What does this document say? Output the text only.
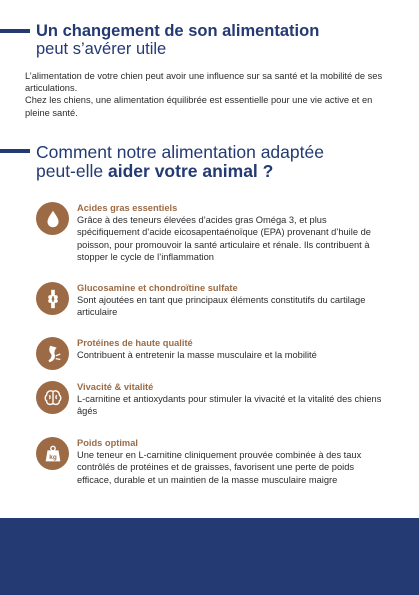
Un changement de son alimentation
peut s’avérer utile

L’alimentation de votre chien peut avoir une influence sur sa santé et la mobilité de ses articulations.

Chez les chiens, une alimentation équilibrée est essentielle pour une vie active et en pleine santé.

Comment notre alimentation adaptée
peut-elle aider votre animal ?
Acides gras essentiels
Grâce à des teneurs élevées d’acides gras Oméga 3, et plus spécifiquement d’acide eicosapentaénoïque (EPA) provenant d’huile de poisson, pour promouvoir la santé articulaire et rénale. Ils contribuent à stopper le cycle de l’inflammation
Glucosamine et chondroïtine sulfate
Sont ajoutées en tant que principaux éléments constitutifs du cartilage articulaire
Protéines de haute qualité
Contribuent à entretenir la masse musculaire et la mobilité
Vivacité & vitalité
L-carnitine et antioxydants pour stimuler la vivacité et la vitalité des chiens âgés
kg
Poids optimal
Une teneur en L-carnitine cliniquement prouvée combinée à des taux contrôlés de protéines et de graisses, favorisent une perte de poids efficace, durable et un maintien de la masse musculaire maigre
